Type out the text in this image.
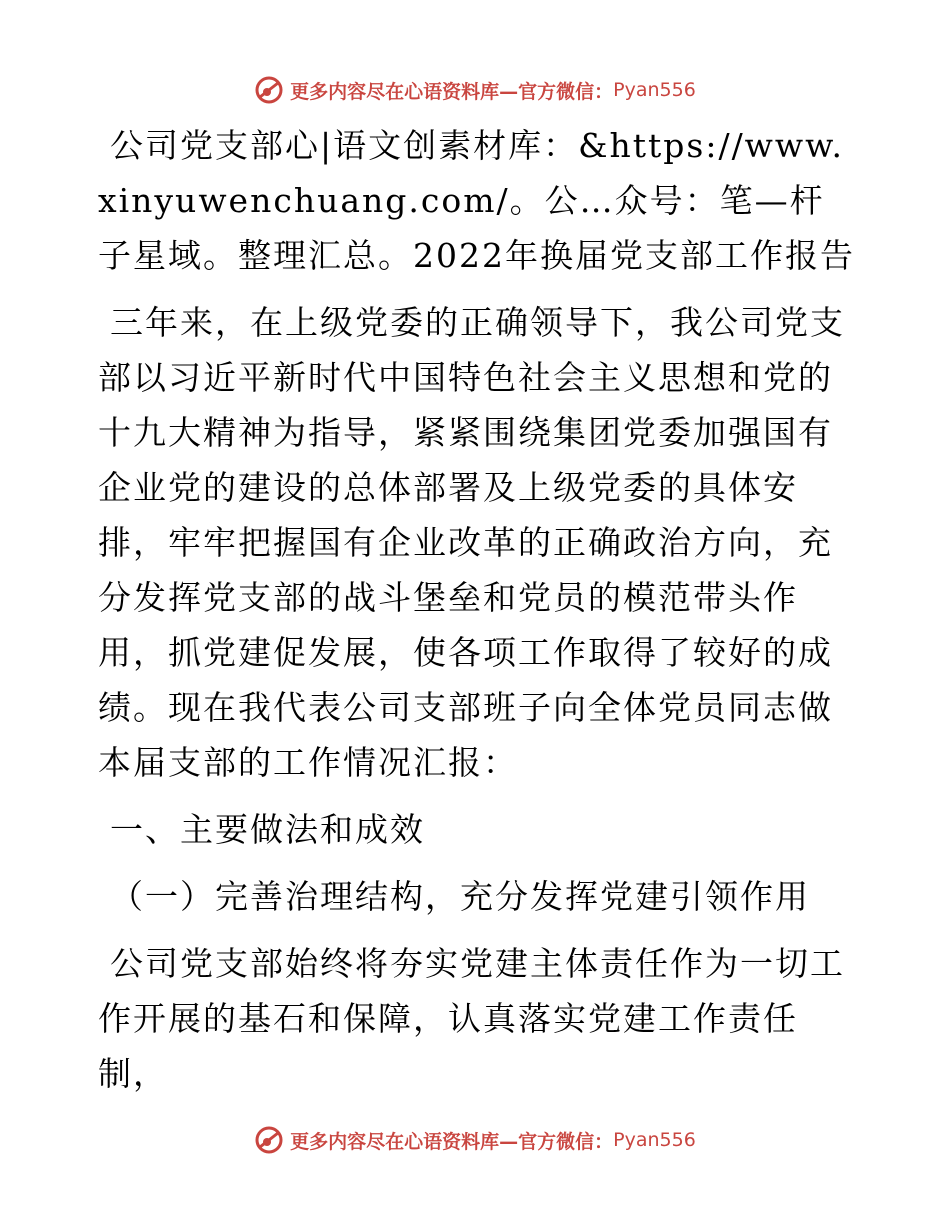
更多内容尽在心语资料库—官方微信： Pyan556

公司党支部心|语文创素材库：&https://www.xinyuwenchuang.com/。公…众号：笔—杆子星域。整理汇总。2022年换届党支部工作报告

三年来，在上级党委的正确领导下，我公司党支部以习近平新时代中国特色社会主义思想和党的十九大精神为指导，紧紧围绕集团党委加强国有企业党的建设的总体部署及上级党委的具体安排，牢牢把握国有企业改革的正确政治方向，充分发挥党支部的战斗堡垒和党员的模范带头作用，抓党建促发展，使各项工作取得了较好的成绩。现在我代表公司支部班子向全体党员同志做本届支部的工作情况汇报：

一、主要做法和成效

（一）完善治理结构，充分发挥党建引领作用

公司党支部始终将夯实党建主体责任作为一切工作开展的基石和保障，认真落实党建工作责任制，

更多内容尽在心语资料库—官方微信： Pyan556
